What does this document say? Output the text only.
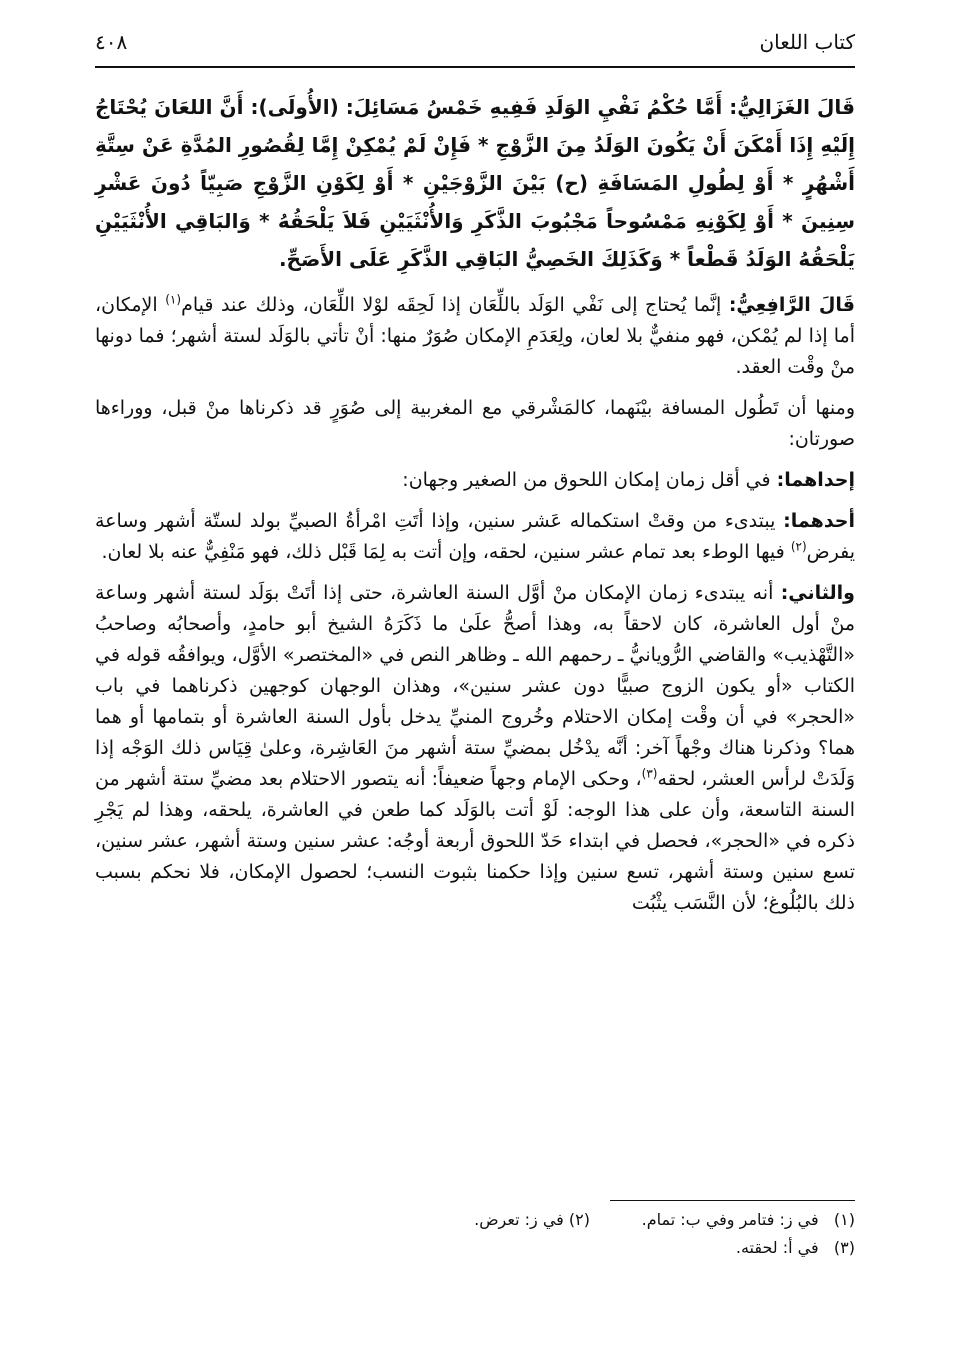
كتاب اللعان
٤٠٨

قَالَ الغَزَالِيُّ: أَمَّا حُكْمُ نَفْيِ الوَلَدِ فَفِيهِ خَمْسُ مَسَائِلَ: (الأُولَى): أَنَّ اللعَانَ يُحْتَاجُ إِلَيْهِ إِذَا أَمْكَنَ أَنْ يَكُونَ الوَلَدُ مِنَ الزَّوْجِ * فَإِنْ لَمْ يُمْكِنْ إِمَّا لِقُصُورِ المُدَّةِ عَنْ سِتَّةِ أَشْهُرٍ * أَوْ لِطُولِ المَسَافَةِ (ح) بَيْنَ الزَّوْجَيْنِ * أَوْ لِكَوْنِ الزَّوْجِ صَبِيّاً دُونَ عَشْرِ سِنِينَ * أَوْ لِكَوْنِهِ مَمْسُوحاً مَجْبُوبَ الذَّكَرِ وَالأُنْثَيَيْنِ فَلاَ يَلْحَقُهُ * وَالبَاقِي الأُنْثَيَيْنِ يَلْحَقُهُ الوَلَدُ قَطْعاً * وَكَذَلِكَ الخَصِيُّ البَاقِي الذَّكَرِ عَلَى الأَصَحِّ.

قَالَ الرَّافِعِيُّ: إنَّما يُحتاج إلى نَفْي الوَلَد باللِّعَان إذا لَحِقَه لوْلا اللِّعَان، وذلك عند قيام$^{(١)}$ الإمكان، أما إذا لم يُمْكن، فهو منفيٌّ بلا لعان، ولِعَدَمِ الإمكان صُوَرٌ منها: أنْ تأتي بالوَلَد لستة أشهر؛ فما دونها منْ وقْت العقد.

ومنها أن تَطُول المسافة بيْنَهما، كالمَشْرقي مع المغربية إلى صُوَرٍ قد ذكرناها منْ قبل، ووراءها صورتان:

إحداهما: في أقل زمان إمكان اللحوق من الصغير وجهان:

أحدهما: يبتدىء من وقتْ استكماله عَشر سنين، وإذا أتَتِ امْرأةُ الصبيِّ بولد لستّة أشهر وساعة يفرض$^{(٢)}$ فيها الوطء بعد تمام عشر سنين، لحقه، وإن أتت به لِمَا قَبْل ذلك، فهو مَنْفِيٌّ عنه بلا لعان.

والثاني: أنه يبتدىء زمان الإمكان منْ أوَّل السنة العاشرة، حتى إذا أتَتْ بوَلَد لستة أشهر وساعة منْ أول العاشرة، كان لاحقاً به، وهذا أصحُّ علَىٰ ما ذَكَرَهُ الشيخ أبو حامدٍ، وأصحابُه وصاحبُ «التَّهْذيب» والقاضي الرُّويانيُّ ـ رحمهم الله ـ وظاهر النص في «المختصر» الأوَّل، ويوافقُه قوله في الكتاب «أو يكون الزوج صبيًّا دون عشر سنين»، وهذان الوجهان كوجهين ذكرناهما في باب «الحجر» في أن وقْت إمكان الاحتلام وخُروج المنيِّ يدخل بأول السنة العاشرة أو بتمامها أو هما هما؟ وذكرنا هناك وجْهاً آخر: أنَّه يدْخُل بمضيِّ ستة أشهر منَ العَاشِرة، وعلىٰ قِيَاس ذلك الوَجْه إذا وَلَدَتْ لرأس العشر، لحقه$^{(٣)}$، وحكى الإمام وجهاً ضعيفاً: أنه يتصور الاحتلام بعد مضيِّ ستة أشهر من السنة التاسعة، وأن على هذا الوجه: لَوْ أتت بالوَلَد كما طعن في العاشرة، يلحقه، وهذا لم يَجْرِ ذكره في «الحجر»، فحصل في ابتداء حَدّ اللحوق أربعة أوجُه: عشر سنين وستة أشهر، عشر سنين، تسع سنين وستة أشهر، تسع سنين وإذا حكمنا بثبوت النسب؛ لحصول الإمكان، فلا نحكم بسبب ذلك بالبُلُوغ؛ لأن النَّسَب يثْبُت

(١)   في ز: فتامر وفي ب: تمام.
(٢) في ز: تعرض.
(٣)   في أ: لحقته.
